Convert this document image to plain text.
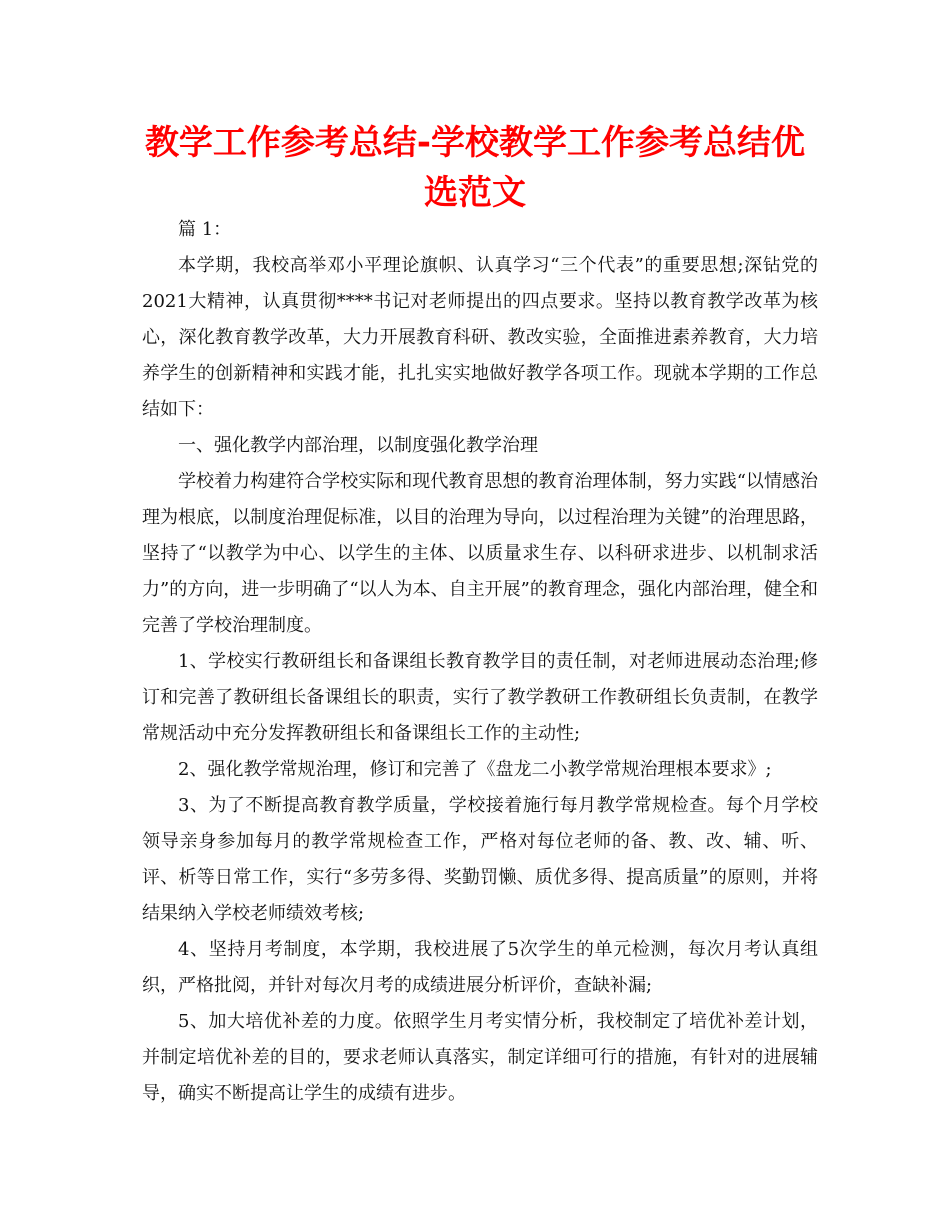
教学工作参考总结-学校教学工作参考总结优选范文

篇 1：

本学期，我校高举邓小平理论旗帜、认真学习“三个代表”的重要思想;深钻党的2021大精神，认真贯彻****书记对老师提出的四点要求。坚持以教育教学改革为核心，深化教育教学改革，大力开展教育科研、教改实验，全面推进素养教育，大力培养学生的创新精神和实践才能，扎扎实实地做好教学各项工作。现就本学期的工作总结如下：

一、强化教学内部治理，以制度强化教学治理

学校着力构建符合学校实际和现代教育思想的教育治理体制，努力实践“以情感治理为根底，以制度治理促标准，以目的治理为导向，以过程治理为关键”的治理思路，坚持了“以教学为中心、以学生的主体、以质量求生存、以科研求进步、以机制求活力”的方向，进一步明确了“以人为本、自主开展”的教育理念，强化内部治理，健全和完善了学校治理制度。

1、学校实行教研组长和备课组长教育教学目的责任制，对老师进展动态治理;修订和完善了教研组长备课组长的职责，实行了教学教研工作教研组长负责制，在教学常规活动中充分发挥教研组长和备课组长工作的主动性;

2、强化教学常规治理，修订和完善了《盘龙二小教学常规治理根本要求》;

3、为了不断提高教育教学质量，学校接着施行每月教学常规检查。每个月学校领导亲身参加每月的教学常规检查工作，严格对每位老师的备、教、改、辅、听、评、析等日常工作，实行“多劳多得、奖勤罚懒、质优多得、提高质量”的原则，并将结果纳入学校老师绩效考核;

4、坚持月考制度，本学期，我校进展了5次学生的单元检测，每次月考认真组织，严格批阅，并针对每次月考的成绩进展分析评价，查缺补漏;

5、加大培优补差的力度。依照学生月考实情分析，我校制定了培优补差计划，并制定培优补差的目的，要求老师认真落实，制定详细可行的措施，有针对的进展辅导，确实不断提高让学生的成绩有进步。
